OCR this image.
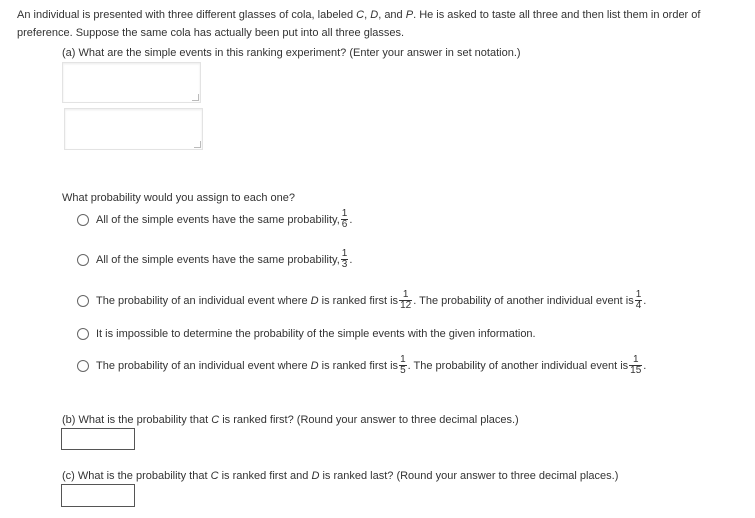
An individual is presented with three different glasses of cola, labeled C, D, and P. He is asked to taste all three and then list them in order of preference. Suppose the same cola has actually been put into all three glasses.

(a) What are the simple events in this ranking experiment? (Enter your answer in set notation.)

What probability would you assign to each one?

All of the simple events have the same probability, $\frac{1}{6}$ .
All of the simple events have the same probability, $\frac{1}{3}$ .
The probability of an individual event where D is ranked first is $\frac{1}{12}$ . The probability of another individual event is $\frac{1}{4}$ .
It is impossible to determine the probability of the simple events with the given information.
The probability of an individual event where D is ranked first is $\frac{1}{5}$ . The probability of another individual event is $\frac{1}{15}$ .

(b) What is the probability that C is ranked first? (Round your answer to three decimal places.)

(c) What is the probability that C is ranked first and D is ranked last? (Round your answer to three decimal places.)
